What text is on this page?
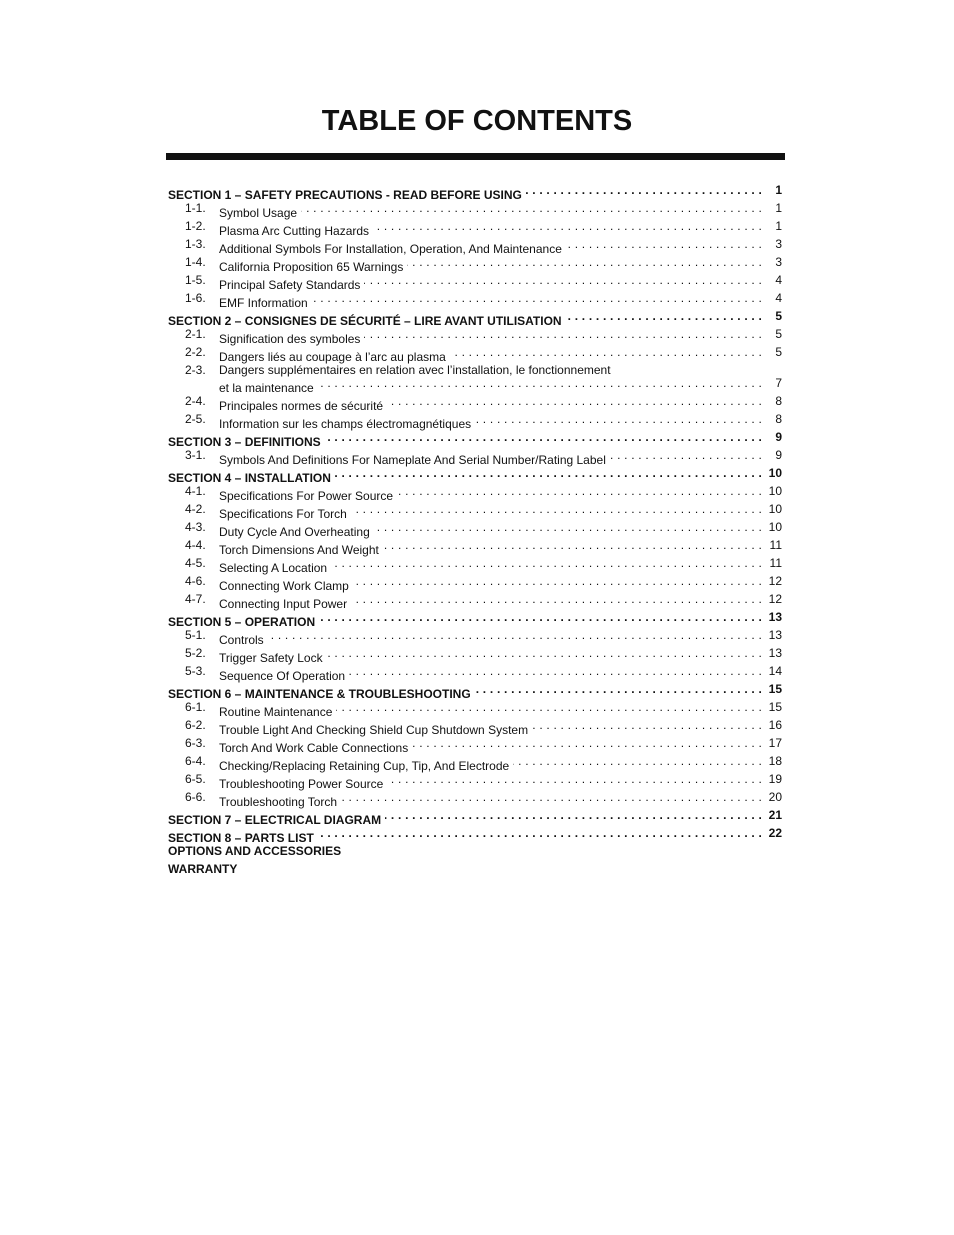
TABLE OF CONTENTS
SECTION 1 – SAFETY PRECAUTIONS - READ BEFORE USING . . .	1
1-1. Symbol Usage . . .	1
1-2. Plasma Arc Cutting Hazards . . .	1
1-3. Additional Symbols For Installation, Operation, And Maintenance . . .	3
1-4. California Proposition 65 Warnings . . .	3
1-5. Principal Safety Standards . . .	4
1-6. EMF Information . . .	4
SECTION 2 – CONSIGNES DE SÉCURITÉ – LIRE AVANT UTILISATION . . .	5
2-1. Signification des symboles . . .	5
2-2. Dangers liés au coupage à l’arc au plasma . . .	5
2-3. Dangers supplémentaires en relation avec l’installation, le fonctionnement
et la maintenance . . .	7
2-4. Principales normes de sécurité . . .	8
2-5. Information sur les champs électromagnétiques . . .	8
SECTION 3 – DEFINITIONS . . .	9
3-1. Symbols And Definitions For Nameplate And Serial Number/Rating Label . . .	9
SECTION 4 – INSTALLATION . . .	10
4-1. Specifications For Power Source . . .	10
4-2. Specifications For Torch . . .	10
4-3. Duty Cycle And Overheating . . .	10
4-4. Torch Dimensions And Weight . . .	11
4-5. Selecting A Location . . .	11
4-6. Connecting Work Clamp . . .	12
4-7. Connecting Input Power . . .	12
SECTION 5 – OPERATION . . .	13
5-1. Controls . . .	13
5-2. Trigger Safety Lock . . .	13
5-3. Sequence Of Operation . . .	14
SECTION 6 – MAINTENANCE & TROUBLESHOOTING . . .	15
6-1. Routine Maintenance . . .	15
6-2. Trouble Light And Checking Shield Cup Shutdown System . . .	16
6-3. Torch And Work Cable Connections . . .	17
6-4. Checking/Replacing Retaining Cup, Tip, And Electrode . . .	18
6-5. Troubleshooting Power Source . . .	19
6-6. Troubleshooting Torch . . .	20
SECTION 7 – ELECTRICAL DIAGRAM . . .	21
SECTION 8 – PARTS LIST . . .	22
OPTIONS AND ACCESSORIES
WARRANTY
